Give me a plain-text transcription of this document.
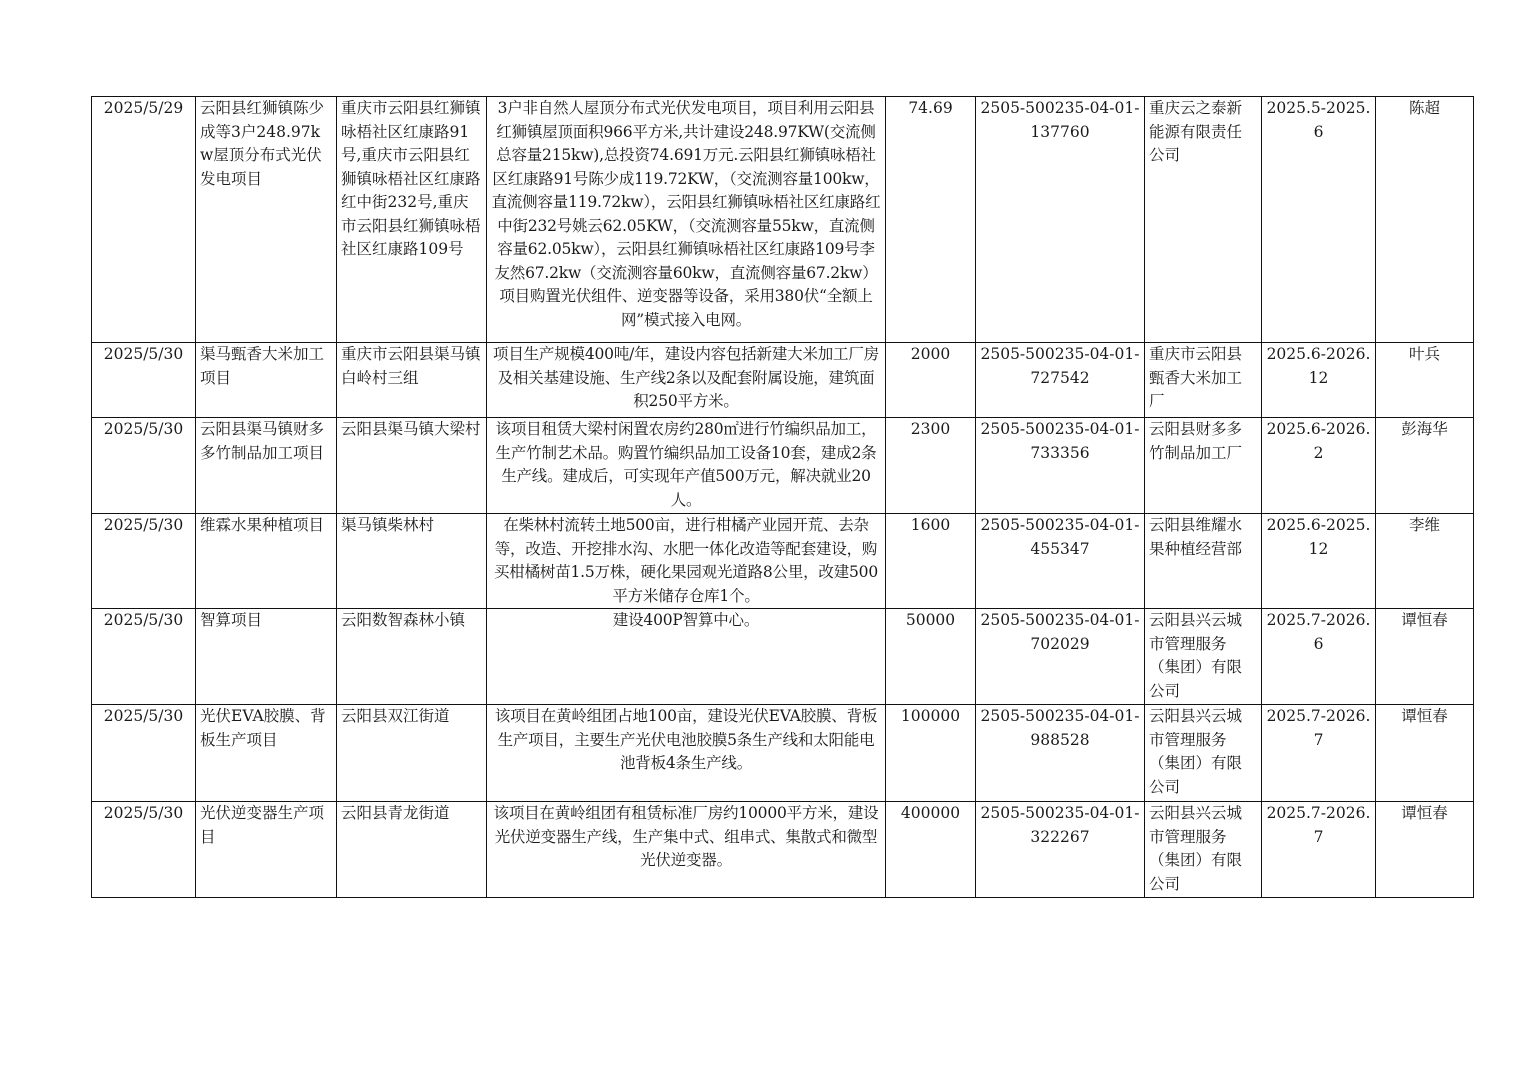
2025/5/29	云阳县红狮镇陈少成等3户248.97kw屋顶分布式光伏发电项目	重庆市云阳县红狮镇咏梧社区红康路91号,重庆市云阳县红狮镇咏梧社区红康路红中街232号,重庆市云阳县红狮镇咏梧社区红康路109号	3户非自然人屋顶分布式光伏发电项目，项目利用云阳县红狮镇屋顶面积966平方米,共计建设248.97KW(交流侧总容量215kw),总投资74.691万元.云阳县红狮镇咏梧社区红康路91号陈少成119.72KW，（交流测容量100kw，直流侧容量119.72kw），云阳县红狮镇咏梧社区红康路红中街232号姚云62.05KW，（交流测容量55kw，直流侧容量62.05kw），云阳县红狮镇咏梧社区红康路109号李友然67.2kw（交流测容量60kw，直流侧容量67.2kw）项目购置光伏组件、逆变器等设备，采用380伏“全额上网”模式接入电网。	74.69	2505-500235-04-01-137760	重庆云之泰新能源有限责任公司	2025.5-2025.6	陈超

2025/5/30	渠马甄香大米加工项目	重庆市云阳县渠马镇白岭村三组	项目生产规模400吨/年，建设内容包括新建大米加工厂房及相关基建设施、生产线2条以及配套附属设施，建筑面积250平方米。	2000	2505-500235-04-01-727542	重庆市云阳县甄香大米加工厂	2025.6-2026.12	叶兵

2025/5/30	云阳县渠马镇财多多竹制品加工项目	云阳县渠马镇大梁村	该项目租赁大梁村闲置农房约280㎡进行竹编织品加工，生产竹制艺术品。购置竹编织品加工设备10套，建成2条生产线。建成后，可实现年产值500万元，解决就业20人。	2300	2505-500235-04-01-733356	云阳县财多多竹制品加工厂	2025.6-2026.2	彭海华

2025/5/30	维霖水果种植项目	渠马镇柴林村	在柴林村流转土地500亩，进行柑橘产业园开荒、去杂等，改造、开挖排水沟、水肥一体化改造等配套建设，购买柑橘树苗1.5万株，硬化果园观光道路8公里，改建500平方米储存仓库1个。	1600	2505-500235-04-01-455347	云阳县维耀水果种植经营部	2025.6-2025.12	李维

2025/5/30	智算项目	云阳数智森林小镇	建设400P智算中心。	50000	2505-500235-04-01-702029	云阳县兴云城市管理服务（集团）有限公司	2025.7-2026.6	谭恒春

2025/5/30	光伏EVA胶膜、背板生产项目	云阳县双江街道	该项目在黄岭组团占地100亩，建设光伏EVA胶膜、背板生产项目，主要生产光伏电池胶膜5条生产线和太阳能电池背板4条生产线。	100000	2505-500235-04-01-988528	云阳县兴云城市管理服务（集团）有限公司	2025.7-2026.7	谭恒春

2025/5/30	光伏逆变器生产项目	云阳县青龙街道	该项目在黄岭组团有租赁标准厂房约10000平方米，建设光伏逆变器生产线，生产集中式、组串式、集散式和微型光伏逆变器。	400000	2505-500235-04-01-322267	云阳县兴云城市管理服务（集团）有限公司	2025.7-2026.7	谭恒春
